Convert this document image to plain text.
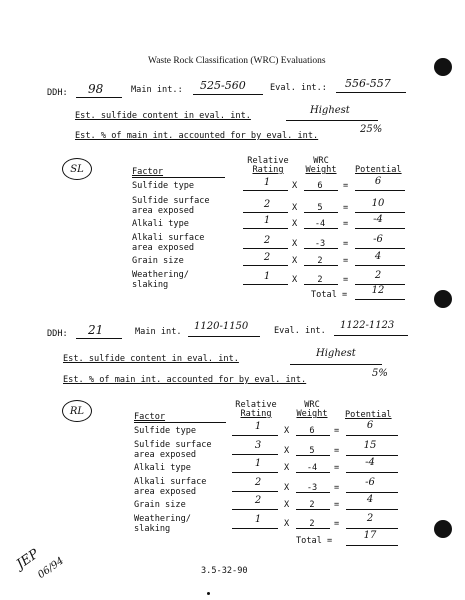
Waste Rock Classification (WRC) Evaluations
DDH: 98	Main int.: 525-560	Eval. int.: 556-557
Est. sulfide content in eval. int.	Highest
Est. % of main int. accounted for by eval. int.
25%
SL	Factor
Relative
Rating
WRC
Weight	Potential
Sulfide type	1	X	6	=	6
Sulfide surface
area exposed
2	X	5	=	10
Alkali type	1	X	-4	=	-4
Alkali surface
area exposed
2	X	-3	=	-6
Grain size	2	X	2	=	4
Weathering/
slaking
1	X	2	=	2
Total =	12
DDH: 21	Main int. 1120-1150	Eval. int. 1122-1123
Est. sulfide content in eval. int.	Highest
Est. % of main int. accounted for by eval. int.
5%
RL
Factor
Relative
Rating
WRC
Weight	Potential
Sulfide type	1	X	6	=	6
Sulfide surface
area exposed
3	X	5	=	15
Alkali type	1	X	-4	=	-4
Alkali surface
area exposed
2	X	-3	=	-6
Grain size	2	X	2	=	4
Weathering/
slaking
1	X	2	=	2
Total =	17
JEP
06/94	3.5-32-90
